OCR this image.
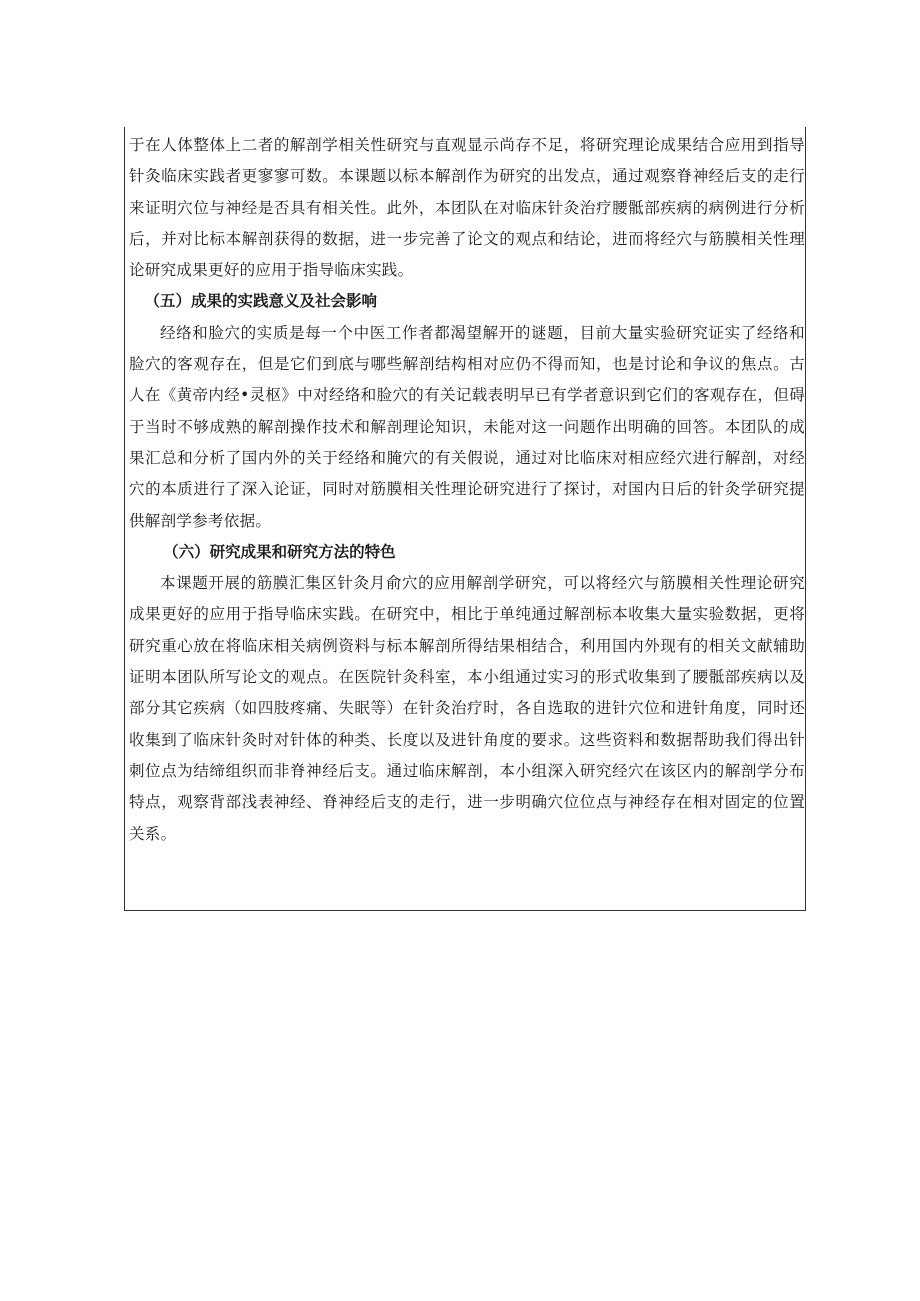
于在人体整体上二者的解剖学相关性研究与直观显示尚存不足，将研究理论成果结合应用到指导针灸临床实践者更寥寥可数。本课题以标本解剖作为研究的出发点，通过观察脊神经后支的走行来证明穴位与神经是否具有相关性。此外，本团队在对临床针灸治疗腰骶部疾病的病例进行分析后，并对比标本解剖获得的数据，进一步完善了论文的观点和结论，进而将经穴与筋膜相关性理论研究成果更好的应用于指导临床实践。

（五）成果的实践意义及社会影响

经络和脸穴的实质是每一个中医工作者都渴望解开的谜题，目前大量实验研究证实了经络和脸穴的客观存在，但是它们到底与哪些解剖结构相对应仍不得而知，也是讨论和争议的焦点。古人在《黄帝内经•灵枢》中对经络和脸穴的有关记载表明早已有学者意识到它们的客观存在，但碍于当时不够成熟的解剖操作技术和解剖理论知识，未能对这一问题作出明确的回答。本团队的成果汇总和分析了国内外的关于经络和腌穴的有关假说，通过对比临床对相应经穴进行解剖，对经穴的本质进行了深入论证，同时对筋膜相关性理论研究进行了探讨，对国内日后的针灸学研究提供解剖学参考依据。

（六）研究成果和研究方法的特色

本课题开展的筋膜汇集区针灸月俞穴的应用解剖学研究，可以将经穴与筋膜相关性理论研究成果更好的应用于指导临床实践。在研究中，相比于单纯通过解剖标本收集大量实验数据，更将研究重心放在将临床相关病例资料与标本解剖所得结果相结合，利用国内外现有的相关文献辅助证明本团队所写论文的观点。在医院针灸科室，本小组通过实习的形式收集到了腰骶部疾病以及部分其它疾病（如四肢疼痛、失眠等）在针灸治疗时，各自选取的进针穴位和进针角度，同时还收集到了临床针灸时对针体的种类、长度以及进针角度的要求。这些资料和数据帮助我们得出针刺位点为结缔组织而非脊神经后支。通过临床解剖，本小组深入研究经穴在该区内的解剖学分布特点，观察背部浅表神经、脊神经后支的走行，进一步明确穴位位点与神经存在相对固定的位置关系。
